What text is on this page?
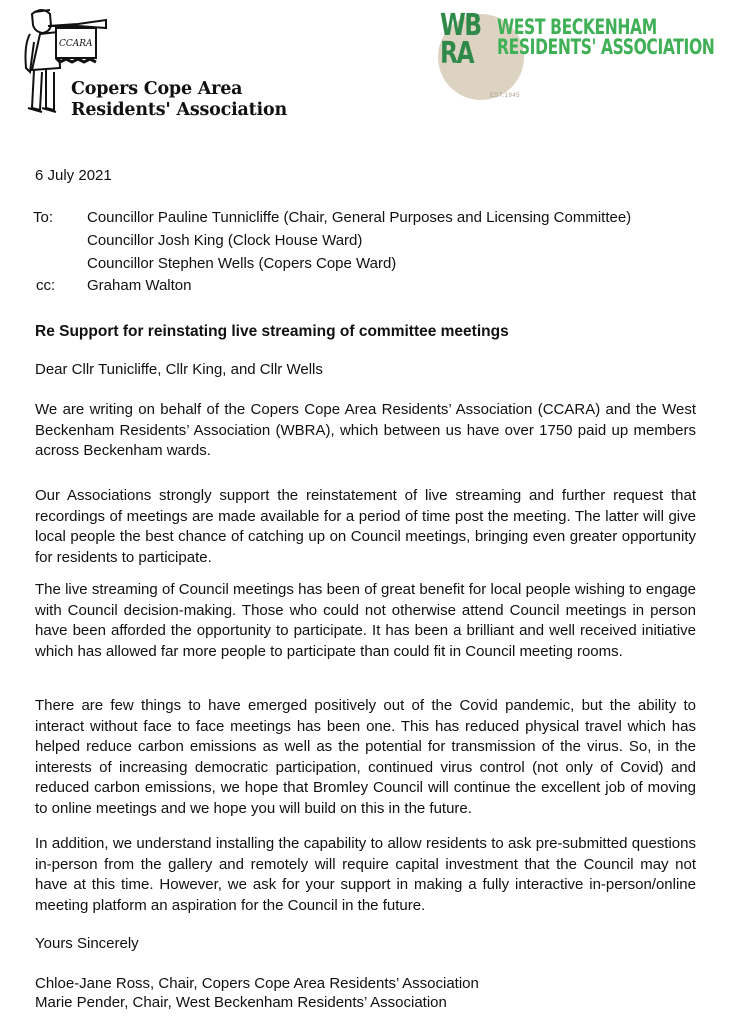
CCARA
Copers Cope Area
Residents' Association
WB
RA
EST.1945
WEST BECKENHAM
RESIDENTS' ASSOCIATION
6 July 2021
To: Councillor Pauline Tunnicliffe (Chair, General Purposes and Licensing Committee)
Councillor Josh King (Clock House Ward)
Councillor Stephen Wells (Copers Cope Ward)
cc: Graham Walton
Re Support for reinstating live streaming of committee meetings
Dear Cllr Tunicliffe, Cllr King, and Cllr Wells
We are writing on behalf of the Copers Cope Area Residents’ Association (CCARA) and the West Beckenham Residents’ Association (WBRA), which between us have over 1750 paid up members across Beckenham wards.
Our Associations strongly support the reinstatement of live streaming and further request that recordings of meetings are made available for a period of time post the meeting. The latter will give local people the best chance of catching up on Council meetings, bringing even greater opportunity for residents to participate.
The live streaming of Council meetings has been of great benefit for local people wishing to engage with Council decision-making. Those who could not otherwise attend Council meetings in person have been afforded the opportunity to participate. It has been a brilliant and well received initiative which has allowed far more people to participate than could fit in Council meeting rooms.
There are few things to have emerged positively out of the Covid pandemic, but the ability to interact without face to face meetings has been one. This has reduced physical travel which has helped reduce carbon emissions as well as the potential for transmission of the virus. So, in the interests of increasing democratic participation, continued virus control (not only of Covid) and reduced carbon emissions, we hope that Bromley Council will continue the excellent job of moving to online meetings and we hope you will build on this in the future.
In addition, we understand installing the capability to allow residents to ask pre-submitted questions in-person from the gallery and remotely will require capital investment that the Council may not have at this time. However, we ask for your support in making a fully interactive in-person/online meeting platform an aspiration for the Council in the future.
Yours Sincerely
Chloe-Jane Ross, Chair, Copers Cope Area Residents’ Association
Marie Pender, Chair, West Beckenham Residents’ Association
